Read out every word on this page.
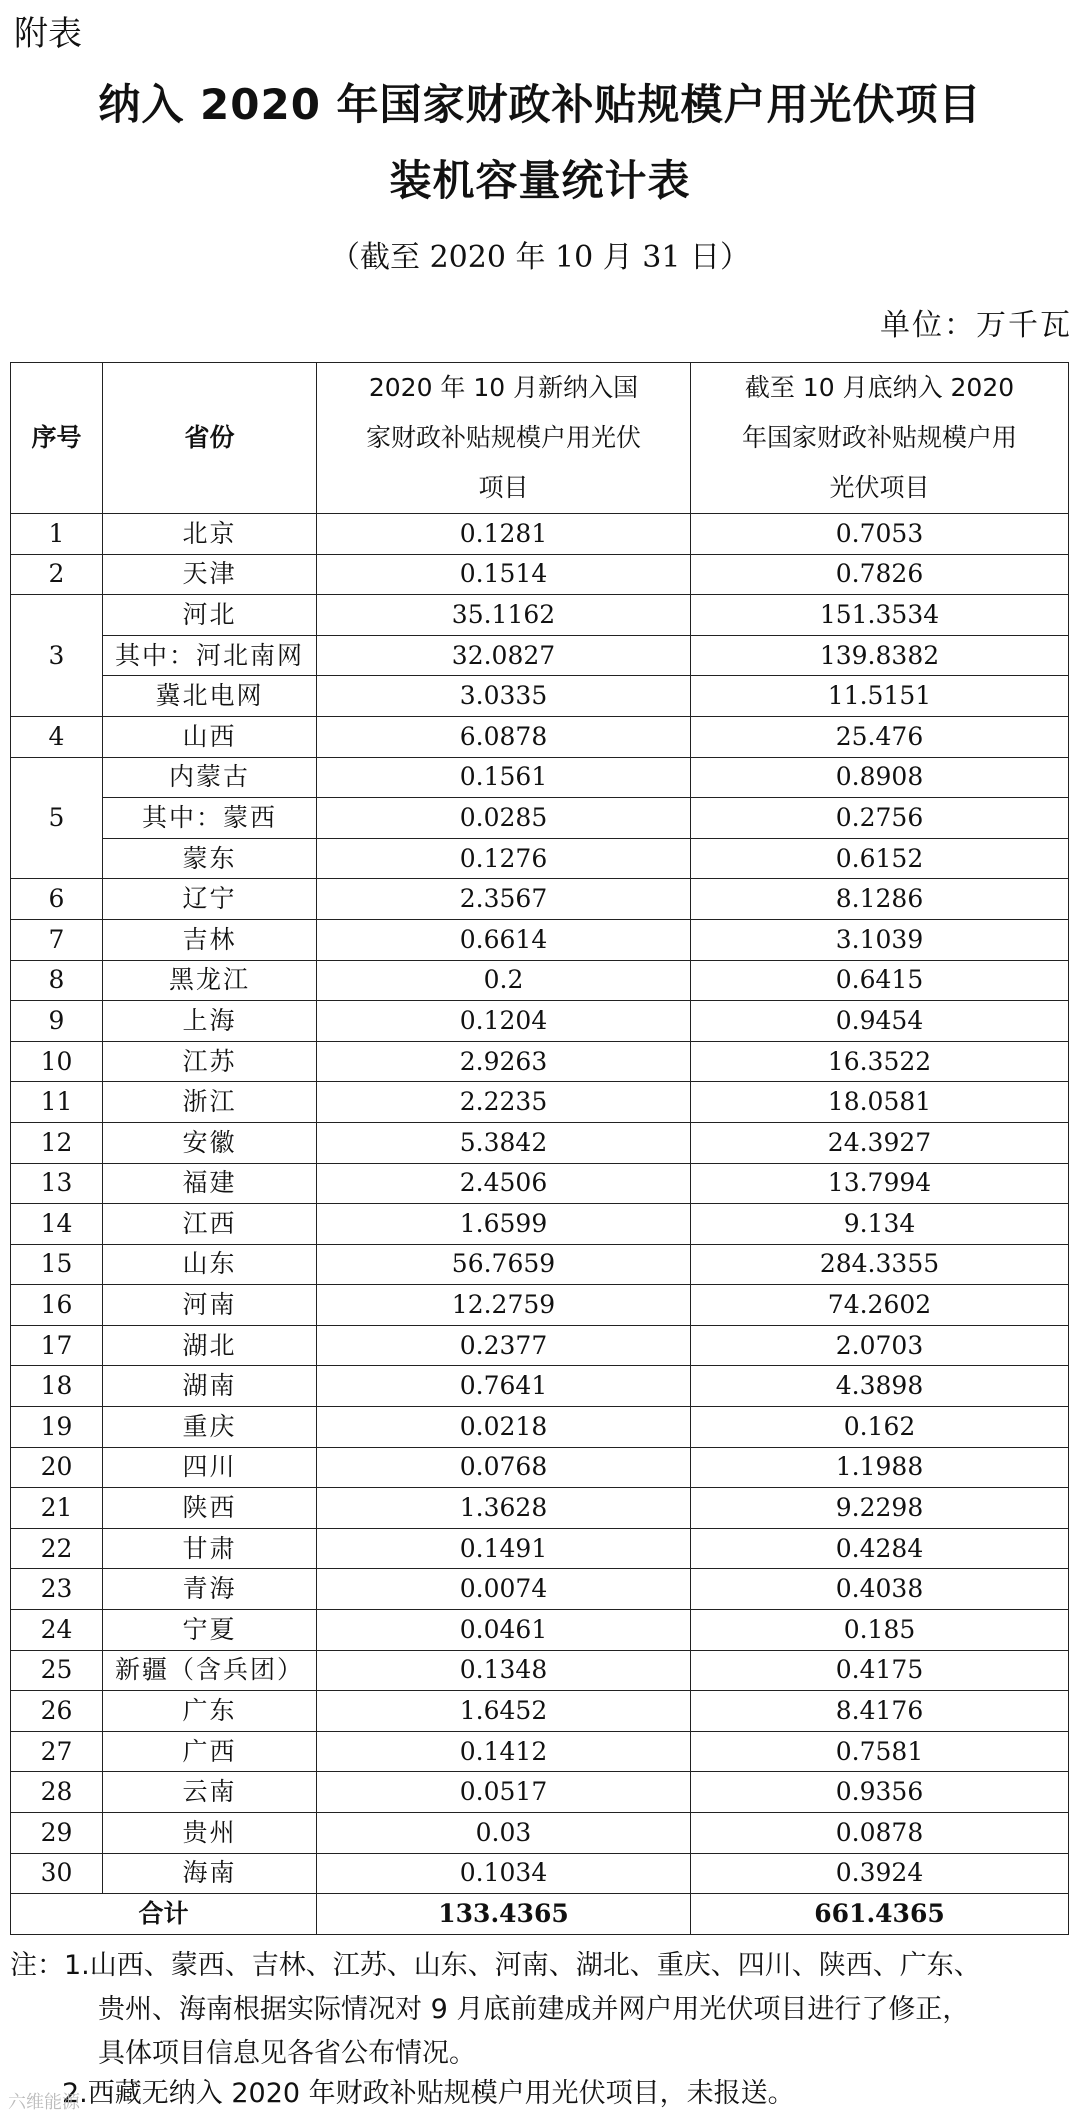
附表
纳入 2020 年国家财政补贴规模户用光伏项目
装机容量统计表
（截至 2020 年 10 月 31 日）
单位：万千瓦
序号	省份	2020 年 10 月新纳入国家财政补贴规模户用光伏项目	截至 10 月底纳入 2020 年国家财政补贴规模户用光伏项目
1	北京	0.1281	0.7053
2	天津	0.1514	0.7826
3	河北	35.1162	151.3534
	其中：河北南网	32.0827	139.8382
	冀北电网	3.0335	11.5151
4	山西	6.0878	25.476
5	内蒙古	0.1561	0.8908
	其中：蒙西	0.0285	0.2756
	蒙东	0.1276	0.6152
6	辽宁	2.3567	8.1286
7	吉林	0.6614	3.1039
8	黑龙江	0.2	0.6415
9	上海	0.1204	0.9454
10	江苏	2.9263	16.3522
11	浙江	2.2235	18.0581
12	安徽	5.3842	24.3927
13	福建	2.4506	13.7994
14	江西	1.6599	9.134
15	山东	56.7659	284.3355
16	河南	12.2759	74.2602
17	湖北	0.2377	2.0703
18	湖南	0.7641	4.3898
19	重庆	0.0218	0.162
20	四川	0.0768	1.1988
21	陕西	1.3628	9.2298
22	甘肃	0.1491	0.4284
23	青海	0.0074	0.4038
24	宁夏	0.0461	0.185
25	新疆（含兵团）	0.1348	0.4175
26	广东	1.6452	8.4176
27	广西	0.1412	0.7581
28	云南	0.0517	0.9356
29	贵州	0.03	0.0878
30	海南	0.1034	0.3924
合计		133.4365	661.4365
注：1.山西、蒙西、吉林、江苏、山东、河南、湖北、重庆、四川、陕西、广东、
贵州、海南根据实际情况对 9 月底前建成并网户用光伏项目进行了修正，
具体项目信息见各省公布情况。
2.西藏无纳入 2020 年财政补贴规模户用光伏项目，未报送。
六维能源
